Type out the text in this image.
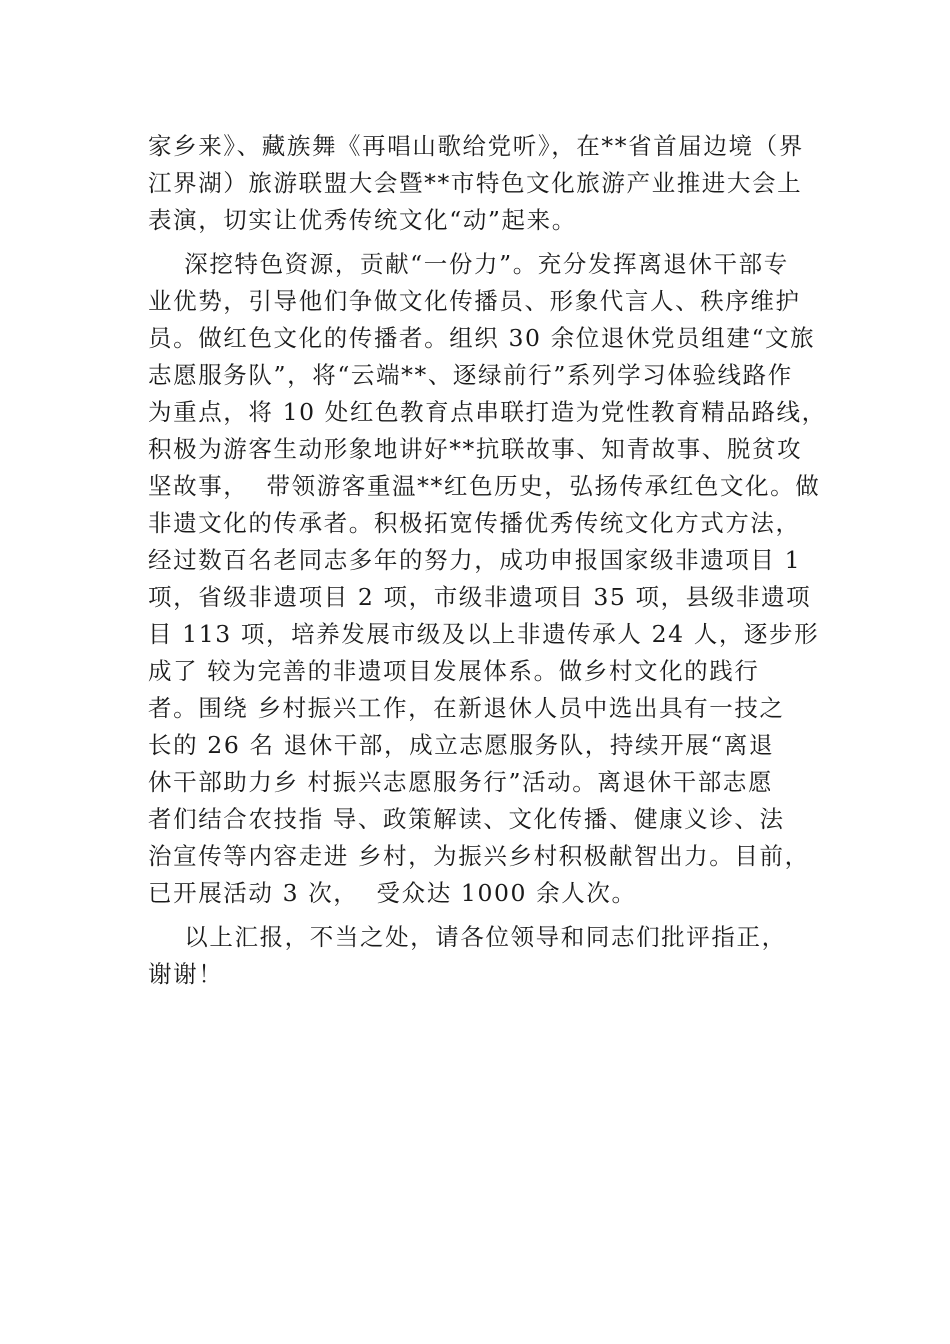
家乡来》、藏族舞《再唱山歌给党听》，在**省首届边境（界
江界湖）旅游联盟大会暨**市特色文化旅游产业推进大会上
表演，切实让优秀传统文化“动”起来。
深挖特色资源，贡献“一份力”。充分发挥离退休干部专
业优势，引导他们争做文化传播员、形象代言人、秩序维护
员。做红色文化的传播者。组织 30 余位退休党员组建“文旅
志愿服务队”，将“云端**、逐绿前行”系列学习体验线路作
为重点，将 10 处红色教育点串联打造为党性教育精品路线，
积极为游客生动形象地讲好**抗联故事、知青故事、脱贫攻
坚故事，  带领游客重温**红色历史，弘扬传承红色文化。做
非遗文化的传承者。积极拓宽传播优秀传统文化方式方法，
经过数百名老同志多年的努力，成功申报国家级非遗项目 1
项，省级非遗项目 2 项，市级非遗项目 35 项，县级非遗项
目 113 项，培养发展市级及以上非遗传承人 24 人，逐步形
成了 较为完善的非遗项目发展体系。做乡村文化的践行
者。围绕 乡村振兴工作，在新退休人员中选出具有一技之
长的 26 名 退休干部，成立志愿服务队，持续开展“离退
休干部助力乡 村振兴志愿服务行”活动。离退休干部志愿
者们结合农技指 导、政策解读、文化传播、健康义诊、法
治宣传等内容走进 乡村，为振兴乡村积极献智出力。目前，
已开展活动 3 次，  受众达 1000 余人次。
以上汇报，不当之处，请各位领导和同志们批评指正，
谢谢！
